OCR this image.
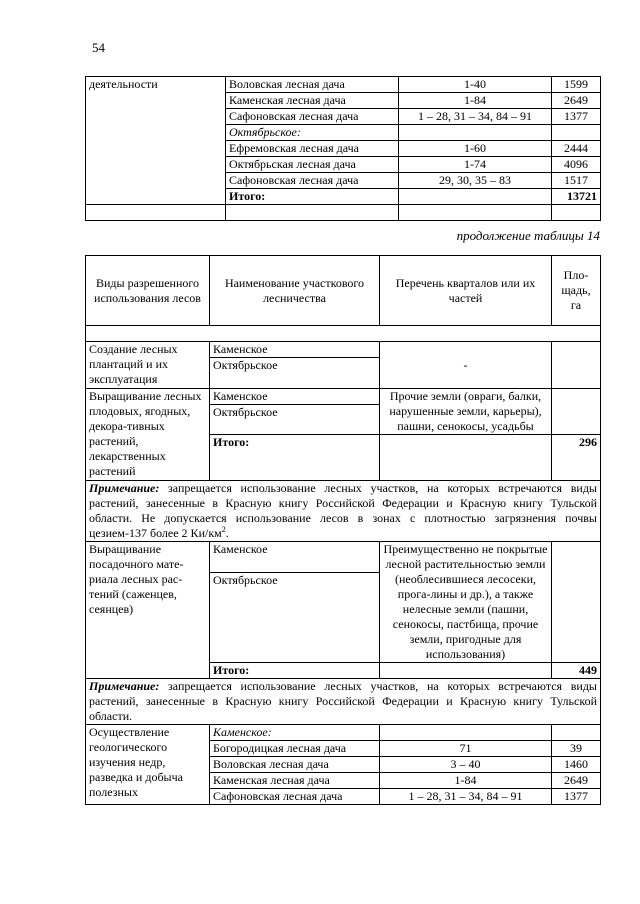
54
деятельности	Воловская лесная дача	1-40	1599
	Каменская лесная дача	1-84	2649
	Сафоновская лесная дача	1 – 28, 31 – 34, 84 – 91	1377
	Октябрьское:		
	Ефремовская лесная дача	1-60	2444
	Октябрьская лесная дача	1-74	4096
	Сафоновская лесная дача	29, 30, 35 – 83	1517
	Итого:		13721

продолжение таблицы 14
Виды разрешенного использования лесов	Наименование участкового лесничества	Перечень кварталов или их частей	Пло-щадь, га

Создание лесных плантаций и их эксплуатация	Каменское	-	
	Октябрьское		
Выращивание лесных плодовых, ягодных, декора-тивных растений, лекарственных растений	Каменское	Прочие земли (овраги, балки, нарушенные земли, карьеры), пашни, сенокосы, усадьбы	
	Октябрьское		
	Итого:		296
Примечание: запрещается использование лесных участков, на которых встречаются виды растений, занесенные в Красную книгу Российской Федерации и Красную книгу Тульской области. Не допускается использование лесов в зонах с плотностью загрязнения почвы цезием-137 более 2 $Ки/км^2$.			
Выращивание посадочного мате-риала лесных рас-тений (саженцев, сеянцев)	Каменское	Преимущественно не покрытые лесной растительностью земли (необлесившиеся лесосеки, прога-лины и др.), а также нелесные земли (пашни, сенокосы, пастбища, прочие земли, пригодные для использования)	
	Октябрьское		
	Итого:		449
Примечание: запрещается использование лесных участков, на которых встречаются виды растений, занесенные в Красную книгу Российской Федерации и Красную книгу Тульской области.			
Осуществление геологического изучения недр, разведка и добыча полезных	Каменское:		
	Богородицкая лесная дача	71	39
	Воловская лесная дача	3 – 40	1460
	Каменская лесная дача	1-84	2649
	Сафоновская лесная дача	1 – 28, 31 – 34, 84 – 91	1377
